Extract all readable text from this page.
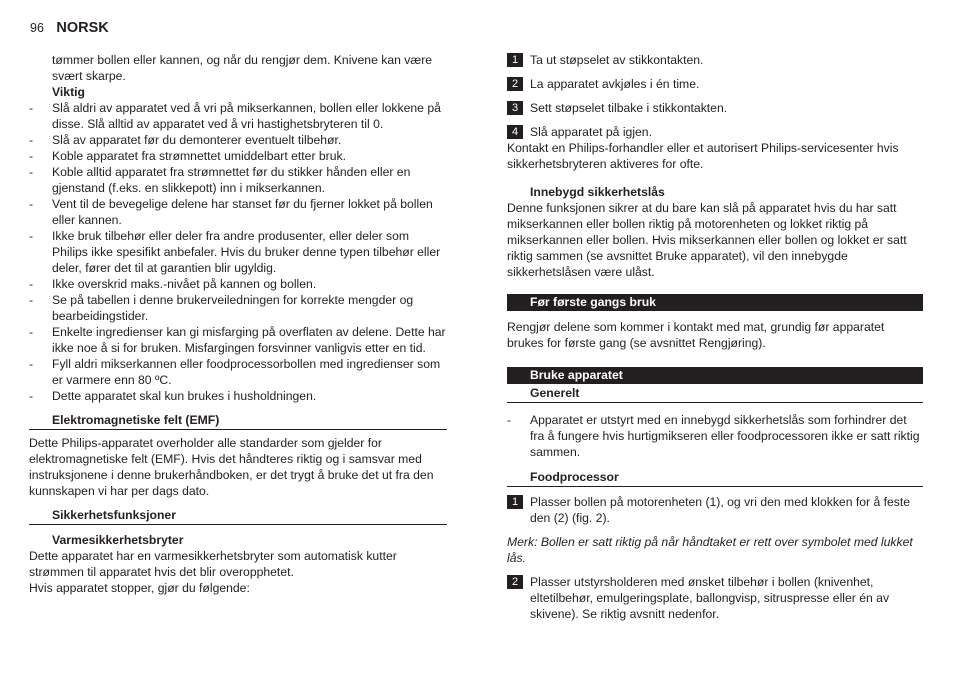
96 NORSK

tømmer bollen eller kannen, og når du rengjør dem. Knivene kan være svært skarpe.

Viktig

- Slå aldri av apparatet ved å vri på mikserkannen, bollen eller lokkene på disse. Slå alltid av apparatet ved å vri hastighetsbryteren til 0.

- Slå av apparatet før du demonterer eventuelt tilbehør.

- Koble apparatet fra strømnettet umiddelbart etter bruk.

- Koble alltid apparatet fra strømnettet før du stikker hånden eller en gjenstand (f.eks. en slikkepott) inn i mikserkannen.

- Vent til de bevegelige delene har stanset før du fjerner lokket på bollen eller kannen.

- Ikke bruk tilbehør eller deler fra andre produsenter, eller deler som Philips ikke spesifikt anbefaler. Hvis du bruker denne typen tilbehør eller deler, fører det til at garantien blir ugyldig.

- Ikke overskrid maks.-nivået på kannen og bollen.

- Se på tabellen i denne brukerveiledningen for korrekte mengder og bearbeidingstider.

- Enkelte ingredienser kan gi misfarging på overflaten av delene. Dette har ikke noe å si for bruken. Misfargingen forsvinner vanligvis etter en tid.

- Fyll aldri mikserkannen eller foodprocessorbollen med ingredienser som er varmere enn 80 ºC.

- Dette apparatet skal kun brukes i husholdningen.

Elektromagnetiske felt (EMF)

Dette Philips-apparatet overholder alle standarder som gjelder for elektromagnetiske felt (EMF). Hvis det håndteres riktig og i samsvar med instruksjonene i denne brukerhåndboken, er det trygt å bruke det ut fra den kunnskapen vi har per dags dato.

Sikkerhetsfunksjoner

Varmesikkerhetsbryter

Dette apparatet har en varmesikkerhetsbryter som automatisk kutter strømmen til apparatet hvis det blir overopphetet.

Hvis apparatet stopper, gjør du følgende:

1 Ta ut støpselet av stikkontakten.
2 La apparatet avkjøles i én time.
3 Sett støpselet tilbake i stikkontakten.
4 Slå apparatet på igjen.

Kontakt en Philips-forhandler eller et autorisert Philips-servicesenter hvis sikkerhetsbryteren aktiveres for ofte.

Innebygd sikkerhetslås

Denne funksjonen sikrer at du bare kan slå på apparatet hvis du har satt mikserkannen eller bollen riktig på motorenheten og lokket riktig på mikserkannen eller bollen. Hvis mikserkannen eller bollen og lokket er satt riktig sammen (se avsnittet Bruke apparatet), vil den innebygde sikkerhetslåsen være ulåst.

Før første gangs bruk

Rengjør delene som kommer i kontakt med mat, grundig før apparatet brukes for første gang (se avsnittet Rengjøring).

Bruke apparatet
Generelt

- Apparatet er utstyrt med en innebygd sikkerhetslås som forhindrer det fra å fungere hvis hurtigmikseren eller foodprocessoren ikke er satt riktig sammen.

Foodprocessor
1 Plasser bollen på motorenheten (1), og vri den med klokken for å feste den (2) (fig. 2).

Merk: Bollen er satt riktig på når håndtaket er rett over symbolet med lukket lås.

2 Plasser utstyrsholderen med ønsket tilbehør i bollen (knivenhet, eltetilbehør, emulgeringsplate, ballongvisp, sitruspresse eller én av skivene). Se riktig avsnitt nedenfor.
